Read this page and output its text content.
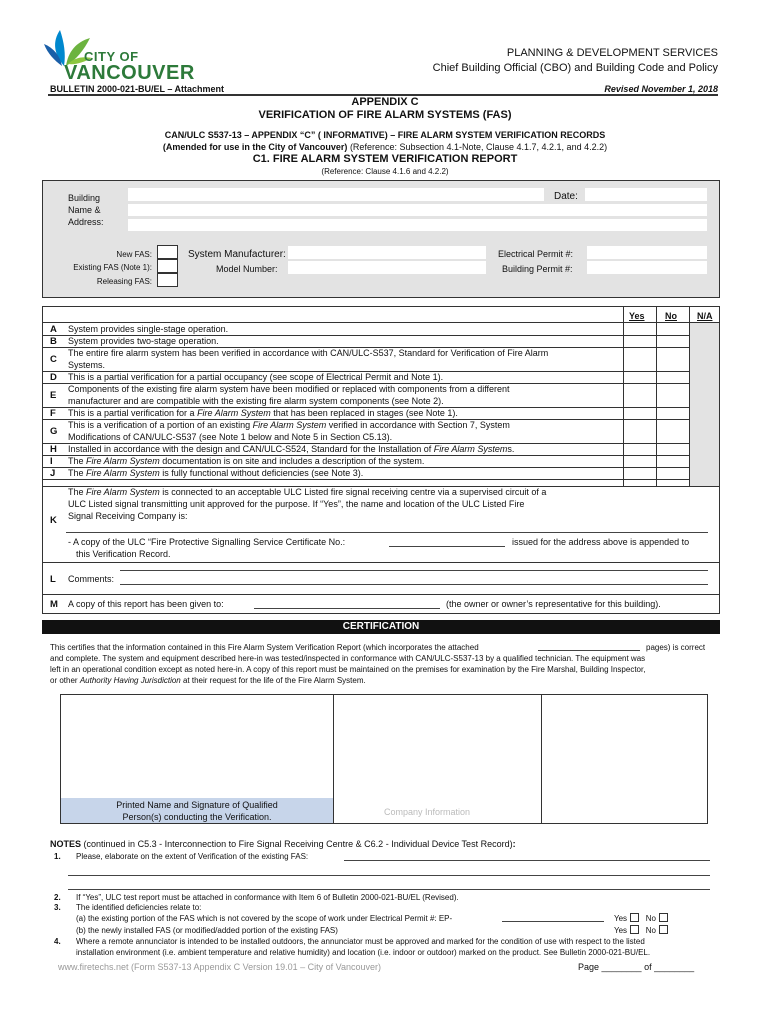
CITY OF
VANCOUVER
PLANNING & DEVELOPMENT SERVICES
Chief Building Official (CBO) and Building Code and Policy
BULLETIN 2000-021-BU/EL – Attachment	Revised November 1, 2018
APPENDIX C
VERIFICATION OF FIRE ALARM SYSTEMS (FAS)
CAN/ULC S537-13 – APPENDIX “C” ( INFORMATIVE) – FIRE ALARM SYSTEM VERIFICATION RECORDS
(Amended for use in the City of Vancouver) (Reference: Subsection 4.1-Note, Clause 4.1.7, 4.2.1, and 4.2.2)
C1. FIRE ALARM SYSTEM VERIFICATION REPORT
(Reference: Clause 4.1.6 and 4.2.2)
Building
Name &
Address:
Date:
New FAS:
Existing FAS (Note 1):
Releasing FAS:
System Manufacturer:
Model Number:
Electrical Permit #:
Building Permit #:
Yes No N/A
A System provides single-stage operation.
B System provides two-stage operation.
C
The entire fire alarm system has been verified in accordance with CAN/ULC-S537, Standard for Verification of Fire Alarm
Systems.
D This is a partial verification for a partial occupancy (see scope of Electrical Permit and Note 1).
E
Components of the existing fire alarm system have been modified or replaced with components from a different
manufacturer and are compatible with the existing fire alarm system components (see Note 2).
F This is a partial verification for a Fire Alarm System that has been replaced in stages (see Note 1).
G
This is a verification of a portion of an existing Fire Alarm System verified in accordance with Section 7, System
Modifications of CAN/ULC-S537 (see Note 1 below and Note 5 in Section C5.13).
H Installed in accordance with the design and CAN/ULC-S524, Standard for the Installation of Fire Alarm Systems.
I The Fire Alarm System documentation is on site and includes a description of the system.
J The Fire Alarm System is fully functional without deficiencies (see Note 3).
The Fire Alarm System is connected to an acceptable ULC Listed fire signal receiving centre via a supervised circuit of a
ULC Listed signal transmitting unit approved for the purpose. If “Yes”, the name and location of the ULC Listed Fire
Signal Receiving Company is:
K
- A copy of the ULC “Fire Protective Signalling Service Certificate No.:	issued for the address above is appended to
this Verification Record.
L Comments:
M A copy of this report has been given to:	(the owner or owner’s representative for this building).
CERTIFICATION
This certifies that the information contained in this Fire Alarm System Verification Report (which incorporates the attached	pages) is correct
and complete. The system and equipment described here-in was tested/inspected in conformance with CAN/ULC-S537-13 by a qualified technician. The equipment was
left in an operational condition except as noted here-in. A copy of this report must be maintained on the premises for examination by the Fire Marshal, Building Inspector,
or other Authority Having Jurisdiction at their request for the life of the Fire Alarm System.
Printed Name and Signature of Qualified
Person(s) conducting the Verification.	Company Information
NOTES (continued in C5.3 - Interconnection to Fire Signal Receiving Centre & C6.2 - Individual Device Test Record):
1. Please, elaborate on the extent of Verification of the existing FAS:
2. If “Yes”, ULC test report must be attached in conformance with Item 6 of Bulletin 2000-021-BU/EL (Revised).
3. The identified deficiencies relate to:
(a) the existing portion of the FAS which is not covered by the scope of work under Electrical Permit #: EP-	Yes No
(b) the newly installed FAS (or modified/added portion of the existing FAS)	Yes No
4. Where a remote annunciator is intended to be installed outdoors, the annunciator must be approved and marked for the condition of use with respect to the listed
installation environment (i.e. ambient temperature and relative humidity) and location (i.e. indoor or outdoor) marked on the product. See Bulletin 2000-021-BU/EL.
www.firetechs.net (Form S537-13 Appendix C Version 19.01 – City of Vancouver)	Page ________ of ________
